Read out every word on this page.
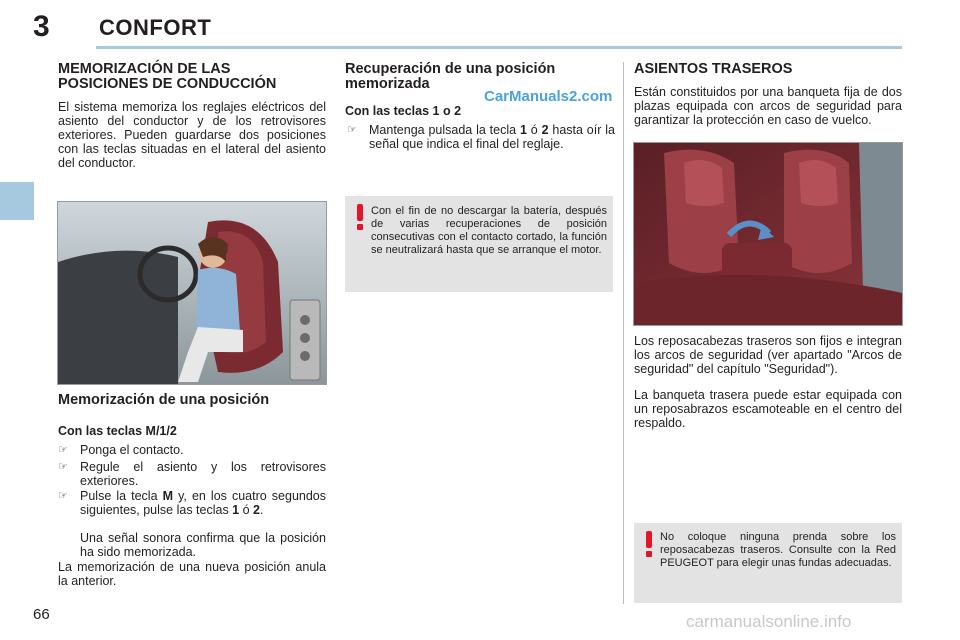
3 CONFORT
MEMORIZACIÓN DE LAS
POSICIONES DE CONDUCCIÓN

El sistema memoriza los reglajes eléctricos del asiento del conductor y de los retrovisores exteriores. Pueden guardarse dos posiciones con las teclas situadas en el lateral del asiento del conductor.

Memorización de una posición
Con las teclas M/1/2
☞ Ponga el contacto.
☞ Regule el asiento y los retrovisores exteriores.
☞ Pulse la tecla M y, en los cuatro segundos siguientes, pulse las teclas 1 ó 2.

Una señal sonora confirma que la posición ha sido memorizada.

La memorización de una nueva posición anula la anterior.

Recuperación de una posición
memorizada
CarManuals2.com
Con las teclas 1 o 2
☞ Mantenga pulsada la tecla 1 ó 2 hasta oír la señal que indica el final del reglaje.
Con el fin de no descargar la batería, después de varias recuperaciones de posición consecutivas con el contacto cortado, la función se neutralizará hasta que se arranque el motor.
ASIENTOS TRASEROS

Están constituidos por una banqueta fija de dos plazas equipada con arcos de seguridad para garantizar la protección en caso de vuelco.

Los reposacabezas traseros son fijos e integran los arcos de seguridad (ver apartado "Arcos de seguridad" del capítulo "Seguridad").

La banqueta trasera puede estar equipada con un reposabrazos escamoteable en el centro del respaldo.

No coloque ninguna prenda sobre los reposacabezas traseros. Consulte con la Red PEUGEOT para elegir unas fundas adecuadas.
66	carmanualsonline.info
